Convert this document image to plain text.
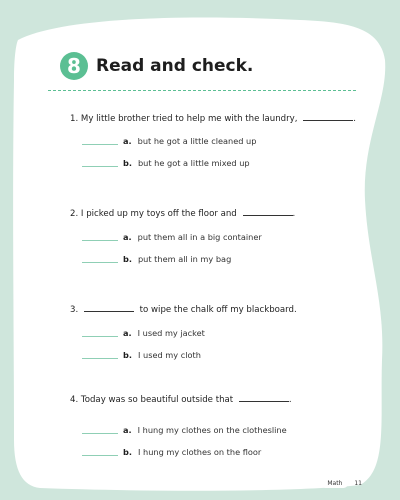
8 Read and check.
1. My little brother tried to help me with the laundry,	.
a. but he got a little cleaned up
b. but he got a little mixed up
2. I picked up my toys off the floor and	.
a. put them all in a big container
b. put them all in my bag
3.	to wipe the chalk off my blackboard.
a. I used my jacket
b. I used my cloth
4. Today was so beautiful outside that	.
a. I hung my clothes on the clothesline
b. I hung my clothes on the floor
Math	11
